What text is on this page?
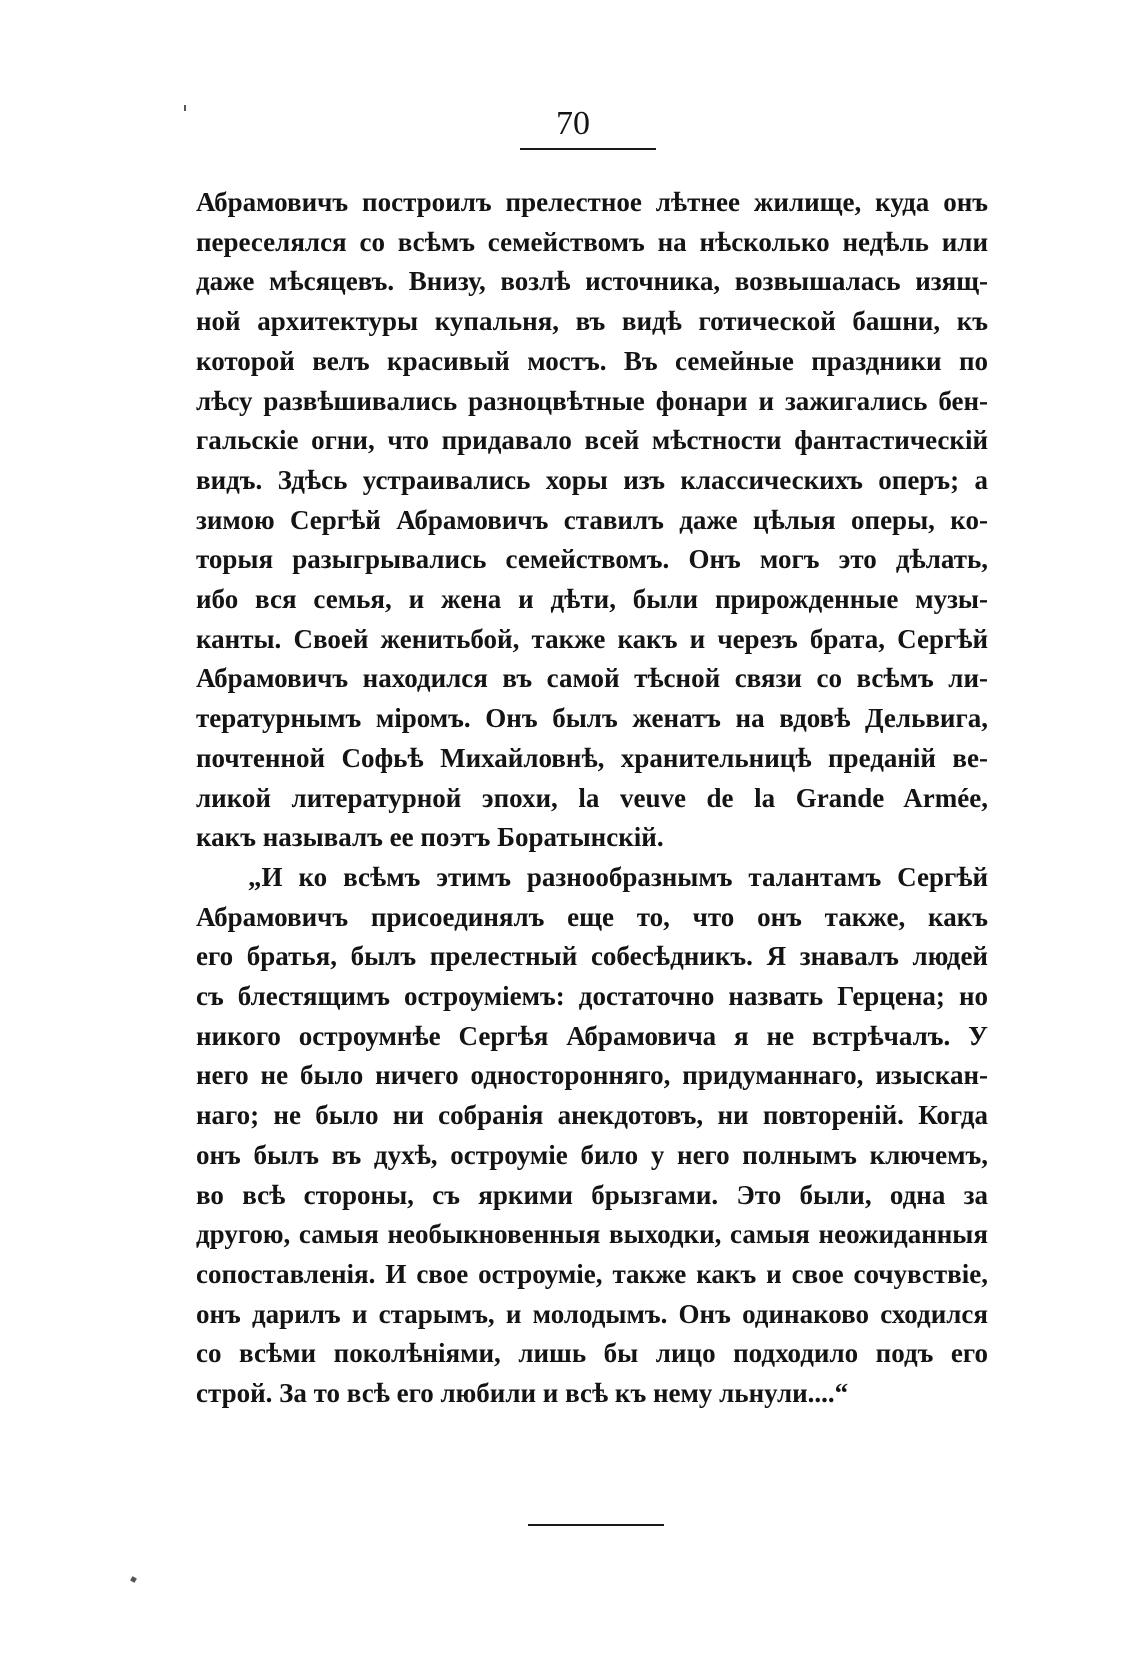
70
Абрамовичъ построилъ прелестное лѣтнее жилище, куда онъ
переселялся со всѣмъ семействомъ на нѣсколько недѣль или
даже мѣсяцевъ. Внизу, возлѣ источника, возвышалась изящ-
ной архитектуры купальня, въ видѣ готической башни, къ
которой велъ красивый мостъ. Въ семейные праздники по
лѣсу развѣшивались разноцвѣтные фонари и зажигались бен-
гальскіе огни, что придавало всей мѣстности фантастическій
видъ. Здѣсь устраивались хоры изъ классическихъ оперъ; а
зимою Сергѣй Абрамовичъ ставилъ даже цѣлыя оперы, ко-
торыя разыгрывались семействомъ. Онъ могъ это дѣлать,
ибо вся семья, и жена и дѣти, были прирожденные музы-
канты. Своей женитьбой, также какъ и черезъ брата, Сергѣй
Абрамовичъ находился въ самой тѣсной связи со всѣмъ ли-
тературнымъ міромъ. Онъ былъ женатъ на вдовѣ Дельвига,
почтенной Софьѣ Михайловнѣ, хранительницѣ преданій ве-
ликой литературной эпохи, la veuve de la Grande Armée,
какъ называлъ ее поэтъ Боратынскій.
„И ко всѣмъ этимъ разнообразнымъ талантамъ Сергѣй
Абрамовичъ присоединялъ еще то, что онъ также, какъ
его братья, былъ прелестный собесѣдникъ. Я знавалъ людей
съ блестящимъ остроуміемъ: достаточно назвать Герцена; но
никого остроумнѣе Сергѣя Абрамовича я не встрѣчалъ. У
него не было ничего односторонняго, придуманнаго, изыскан-
наго; не было ни собранія анекдотовъ, ни повтореній. Когда
онъ былъ въ духѣ, остроуміе било у него полнымъ ключемъ,
во всѣ стороны, съ яркими брызгами. Это были, одна за
другою, самыя необыкновенныя выходки, самыя неожиданныя
сопоставленія. И свое остроуміе, также какъ и свое сочувствіе,
онъ дарилъ и старымъ, и молодымъ. Онъ одинаково сходился
со всѣми поколѣніями, лишь бы лицо подходило подъ его
строй. За то всѣ его любили и всѣ къ нему льнули....“
